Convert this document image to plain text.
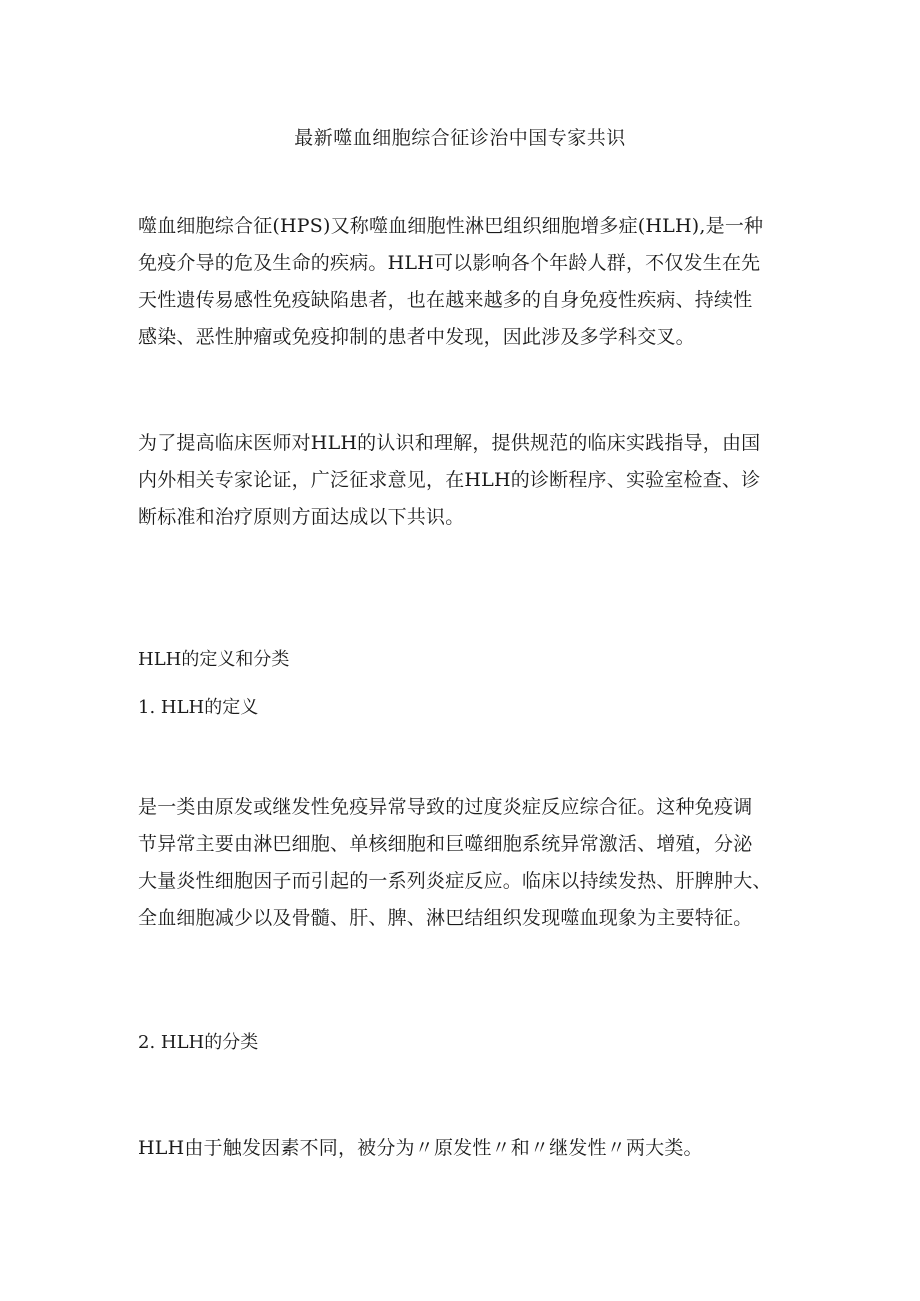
最新噬血细胞综合征诊治中国专家共识

噬血细胞综合征(HPS)又称噬血细胞性淋巴组织细胞增多症(HLH),是一种
免疫介导的危及生命的疾病。HLH可以影响各个年龄人群，不仅发生在先
天性遗传易感性免疫缺陷患者，也在越来越多的自身免疫性疾病、持续性
感染、恶性肿瘤或免疫抑制的患者中发现，因此涉及多学科交叉。

为了提高临床医师对HLH的认识和理解，提供规范的临床实践指导，由国
内外相关专家论证，广泛征求意见，在HLH的诊断程序、实验室检查、诊
断标准和治疗原则方面达成以下共识。

HLH的定义和分类
1. HLH的定义

是一类由原发或继发性免疫异常导致的过度炎症反应综合征。这种免疫调
节异常主要由淋巴细胞、单核细胞和巨噬细胞系统异常激活、增殖，分泌
大量炎性细胞因子而引起的一系列炎症反应。临床以持续发热、肝脾肿大、
全血细胞减少以及骨髓、肝、脾、淋巴结组织发现噬血现象为主要特征。

2. HLH的分类

HLH由于触发因素不同，被分为〃原发性〃和〃继发性〃两大类。
